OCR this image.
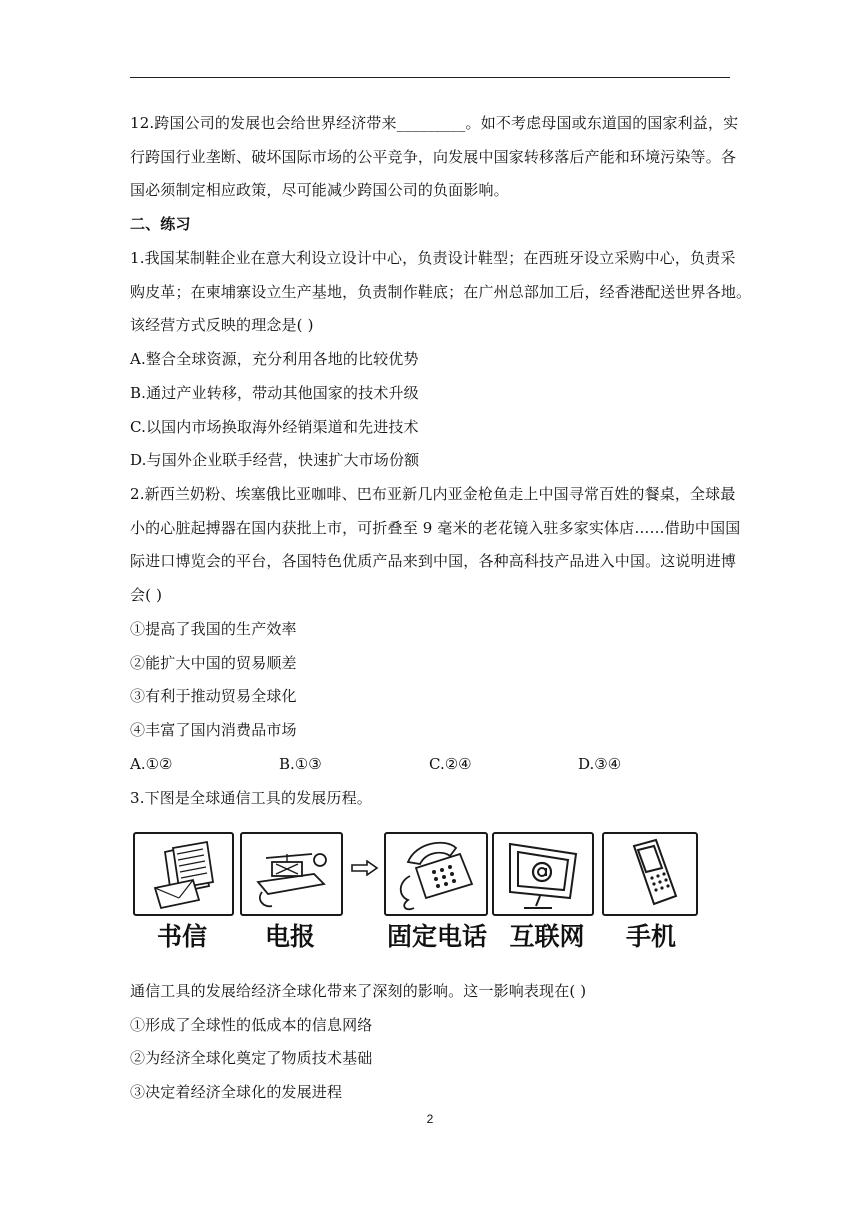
12.跨国公司的发展也会给世界经济带来_________。如不考虑母国或东道国的国家利益，实
行跨国行业垄断、破坏国际市场的公平竞争，向发展中国家转移落后产能和环境污染等。各
国必须制定相应政策，尽可能减少跨国公司的负面影响。
二、练习
1.我国某制鞋企业在意大利设立设计中心，负责设计鞋型；在西班牙设立采购中心，负责采
购皮革；在柬埔寨设立生产基地，负责制作鞋底；在广州总部加工后，经香港配送世界各地。
该经营方式反映的理念是( )
A.整合全球资源，充分利用各地的比较优势
B.通过产业转移，带动其他国家的技术升级
C.以国内市场换取海外经销渠道和先进技术
D.与国外企业联手经营，快速扩大市场份额
2.新西兰奶粉、埃塞俄比亚咖啡、巴布亚新几内亚金枪鱼走上中国寻常百姓的餐桌，全球最
小的心脏起搏器在国内获批上市，可折叠至 9 毫米的老花镜入驻多家实体店……借助中国国
际进口博览会的平台，各国特色优质产品来到中国，各种高科技产品进入中国。这说明进博
会( )
①提高了我国的生产效率
②能扩大中国的贸易顺差
③有利于推动贸易全球化
④丰富了国内消费品市场
A.①②	B.①③	C.②④	D.③④
3.下图是全球通信工具的发展历程。
书信	电报	固定电话 互联网	手机
通信工具的发展给经济全球化带来了深刻的影响。这一影响表现在( )
①形成了全球性的低成本的信息网络
②为经济全球化奠定了物质技术基础
③决定着经济全球化的发展进程
2
